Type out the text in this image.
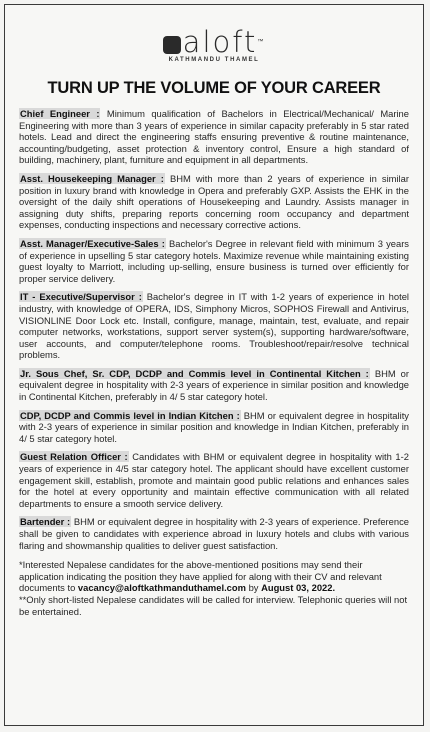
aloft™
KATHMANDU THAMEL
TURN UP THE VOLUME OF YOUR CAREER
Chief Engineer : Minimum qualification of Bachelors in Electrical/Mechanical/ Marine Engineering with more than 3 years of experience in similar capacity preferably in 5 star rated hotels. Lead and direct the engineering staffs ensuring preventive & routine maintenance, accounting/budgeting, asset protection & inventory control, Ensure a high standard of building, machinery, plant, furniture and equipment in all departments.
Asst. Housekeeping Manager : BHM with more than 2 years of experience in similar position in luxury brand with knowledge in Opera and preferably GXP. Assists the EHK in the oversight of the daily shift operations of Housekeeping and Laundry. Assists manager in assigning duty shifts, preparing reports concerning room occupancy and department expenses, conducting inspections and necessary corrective actions.
Asst. Manager/Executive-Sales : Bachelor's Degree in relevant field with minimum 3 years of experience in upselling 5 star category hotels. Maximize revenue while maintaining existing guest loyalty to Marriott, including up-selling, ensure business is turned over efficiently for proper service delivery.
IT - Executive/Supervisor : Bachelor's degree in IT with 1-2 years of experience in hotel industry, with knowledge of OPERA, IDS, Simphony Micros, SOPHOS Firewall and Antivirus, VISIONLINE Door Lock etc. Install, configure, manage, maintain, test, evaluate, and repair computer networks, workstations, support server system(s), supporting hardware/software, user accounts, and computer/telephone rooms. Troubleshoot/repair/resolve technical problems.
Jr. Sous Chef, Sr. CDP, DCDP and Commis level in Continental Kitchen : BHM or equivalent degree in hospitality with 2-3 years of experience in similar position and knowledge in Continental Kitchen, preferably in 4/ 5 star category hotel.
CDP, DCDP and Commis level in Indian Kitchen : BHM or equivalent degree in hospitality with 2-3 years of experience in similar position and knowledge in Indian Kitchen, preferably in 4/ 5 star category hotel.
Guest Relation Officer : Candidates with BHM or equivalent degree in hospitality with 1-2 years of experience in 4/5 star category hotel. The applicant should have excellent customer engagement skill, establish, promote and maintain good public relations and enhances sales for the hotel at every opportunity and maintain effective communication with all related departments to ensure a smooth service delivery.
Bartender : BHM or equivalent degree in hospitality with 2-3 years of experience. Preference shall be given to candidates with experience abroad in luxury hotels and clubs with various flaring and showmanship qualities to deliver guest satisfaction.
*Interested Nepalese candidates for the above-mentioned positions may send their application indicating the position they have applied for along with their CV and relevant documents to vacancy@aloftkathmanduthamel.com by August 03, 2022.
**Only short-listed Nepalese candidates will be called for interview. Telephonic queries will not be entertained.
